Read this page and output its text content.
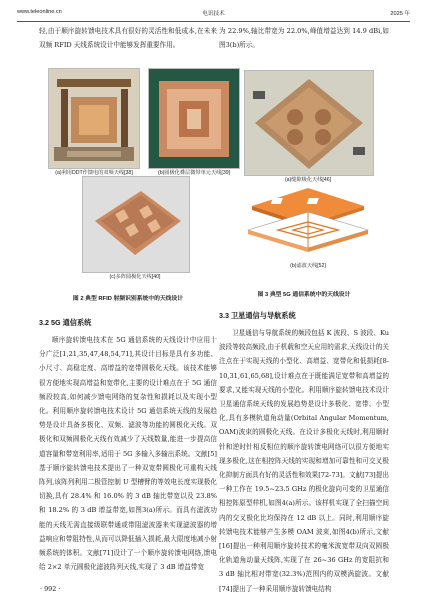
www.teleonline.cn	电讯技术	2025 年

轻,由于顺序旋转馈电技术具有很好的灵活性和低成本,在未来双频 RFID 天线系统设计中能够发挥重要作用。

(a)利用DDT作馈电的双频天线[38]	(b)圆极化叠层微带单元天线[39]
(c)多阵圆极化天线[40]
图 2 典型 RFID 射频识别系统中的天线设计
3.2 5G 通信系统

顺序旋转馈电技术在 5G 通信系统的天线设计中应用十分广泛[1,21,35,47,48,54,71],其设计目标是具有多功能、小尺寸、高稳定度、高增益的宽带圆极化天线。该技术能够很方便地实现高增益和宽带化,主要的设计难点在于 5G 通信频段较高,如何减少馈电网络的复杂性和损耗以及实现小型化。利用顺序旋转馈电技术设计 5G 通信系统天线的发展趋势是设计具备多极化、双频、滤波等功能的圆极化天线。双极化和双频圆极化天线有效减少了天线数量,能进一步提高信道容量和带宽利用率,适用于 5G 多输入多输出系统。文献[5]基于顺序旋转馈电技术提出了一种双宽带圆极化可重构天线阵列,该阵列利用二极管控制 U 型槽臂的等效电长度实现极化切换,具有 28.4% 和 16.0% 的 3 dB 轴比带宽以及 23.8% 和 18.2% 的 3 dB 增益带宽,如图3(a)所示。而具有滤波功能的天线无需直接级联带通或带阻滤波器来实现滤波器的增益响应和带阻特性,从而可以降低插入损耗,最大限度地减小射频系统的体积。文献[71]设计了一个顺序旋转馈电网络,馈电给 2×2 单元圆极化滤波阵列天线,实现了 3 dB 增益带宽

· 992 ·

为 22.9%,轴比带宽为 22.0%,峰值增益达到 14.9 dBi,如图3(b)所示。

(a)缝隙极化天线[46]
(b)滤波天线[52]
图 3 典型 5G 通信系统中的天线设计
3.3 卫星通信与导航系统

卫星通信与导航系统的频段包括 K 波段、S 波段、Ku 波段等较高频段,由于机载和空天应用的需求,天线设计的关注点在于实现天线的小型化、高增益、宽带化和低损耗[8-10,31,61,65,68],设计难点在于既能满足宽带和高增益的要求,又能实现天线的小型化。利用顺序旋转馈电技术设计卫星通信系统天线的发展趋势是设计多极化、宽带、小型化,具有多模轨道角动量(Orbital Angular Momentum, OAM)波束的圆极化天线。在设计多极化天线时,利用顺时针和逆时针相反相位的顺序旋转馈电网络可以很方便地实现多极化,这在相控阵天线的实现和增加可靠性和可交叉极化抑制方面具有好的灵活性和效果[72-73]。文献[73]提出一种工作在 19.5~23.5 GHz 的极化旋向可变的卫星通信相控阵原型样机,如图4(a)所示。该样机实现了全扫描空间内的交叉极化比均保持在 12 dB 以上。同时,利用顺序旋转馈电技术能够产生多模 OAM 波束,如图4(b)所示,文献[16]提出一种利用顺序旋转技术的毫米波宽带双向双圆极化轨道角动量天线阵,实现了在 26~36 GHz 的宽阻抗和 3 dB 轴比相对带宽(32.3%)范围内的双模涡旋波。文献[74]提出了一种采用顺序旋转馈电结构
